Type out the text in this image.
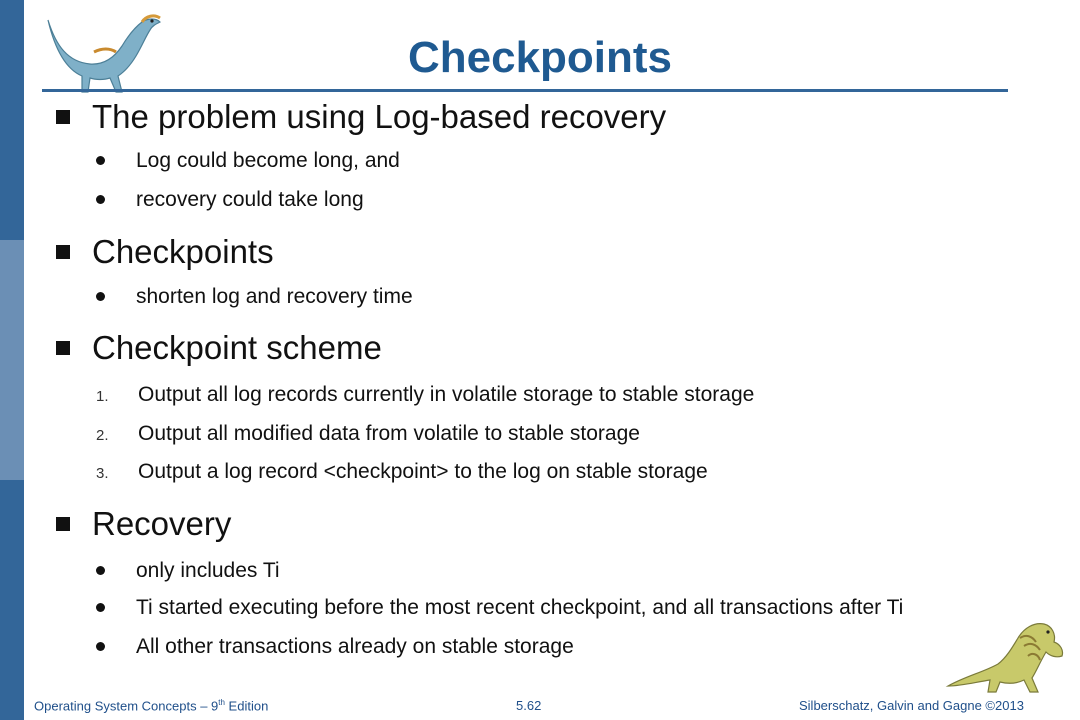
Checkpoints
The problem using Log-based recovery
Log could become long, and
recovery could take long
Checkpoints
shorten log and recovery time
Checkpoint scheme
1. Output all log records currently in volatile storage to stable storage
2. Output all modified data from volatile to stable storage
3. Output a log record <checkpoint> to the log on stable storage
Recovery
only includes Ti
Ti started executing before the most recent checkpoint, and all transactions after Ti
All other transactions already on stable storage
Operating System Concepts – 9th Edition	5.62	Silberschatz, Galvin and Gagne ©2013
